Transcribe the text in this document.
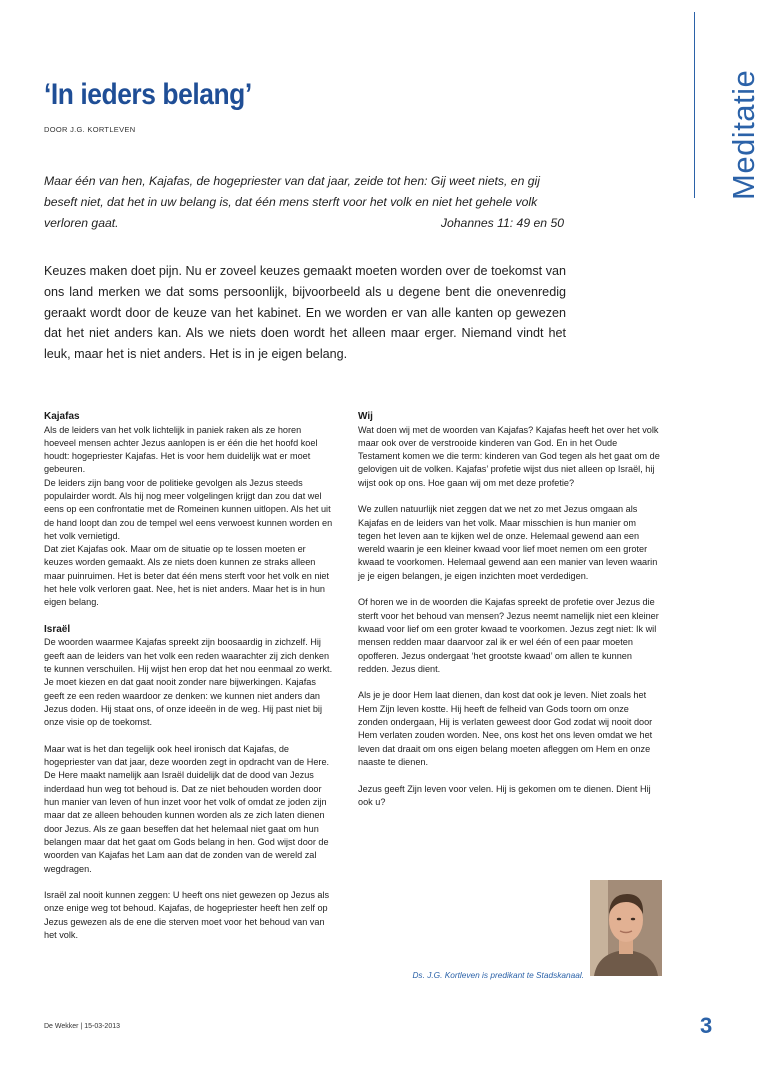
Meditatie
‘In ieders belang’
DOOR J.G. KORTLEVEN
Maar één van hen, Kajafas, de hogepriester van dat jaar, zeide tot hen: Gij weet niets, en gij beseft niet, dat het in uw belang is, dat één mens sterft voor het volk en niet het gehele volk verloren gaat.	Johannes 11: 49 en 50
Keuzes maken doet pijn. Nu er zoveel keuzes gemaakt moeten worden over de toekomst van ons land merken we dat soms persoonlijk, bijvoorbeeld als u degene bent die onevenredig geraakt wordt door de keuze van het kabinet. En we worden er van alle kanten op gewezen dat het niet anders kan. Als we niets doen wordt het alleen maar erger. Niemand vindt het leuk, maar het is niet anders. Het is in je eigen belang.
Kajafas

Als de leiders van het volk lichtelijk in paniek raken als ze horen hoeveel mensen achter Jezus aanlopen is er één die het hoofd koel houdt: hogepriester Kajafas. Het is voor hem duidelijk wat er moet gebeuren.

De leiders zijn bang voor de politieke gevolgen als Jezus steeds populairder wordt. Als hij nog meer volgelingen krijgt dan zou dat wel eens op een confrontatie met de Romeinen kunnen uitlopen. Als het uit de hand loopt dan zou de tempel wel eens verwoest kunnen worden en het volk vernietigd.

Dat ziet Kajafas ook. Maar om de situatie op te lossen moeten er keuzes worden gemaakt. Als ze niets doen kunnen ze straks alleen maar puinruimen. Het is beter dat één mens sterft voor het volk en niet het hele volk verloren gaat. Nee, het is niet anders. Maar het is in hun eigen belang.

Israël

De woorden waarmee Kajafas spreekt zijn boosaardig in zichzelf. Hij geeft aan de leiders van het volk een reden waarachter zij zich denken te kunnen verschuilen. Hij wijst hen erop dat het nou eenmaal zo werkt. Je moet kiezen en dat gaat nooit zonder nare bijwerkingen. Kajafas geeft ze een reden waardoor ze denken: we kunnen niet anders dan Jezus doden. Hij staat ons, of onze ideeën in de weg. Hij past niet bij onze visie op de toekomst.

Maar wat is het dan tegelijk ook heel ironisch dat Kajafas, de hogepriester van dat jaar, deze woorden zegt in opdracht van de Here. De Here maakt namelijk aan Israël duidelijk dat de dood van Jezus inderdaad hun weg tot behoud is. Dat ze niet behouden worden door hun manier van leven of hun inzet voor het volk of omdat ze joden zijn maar dat ze alleen behouden kunnen worden als ze zich laten dienen door Jezus. Als ze gaan beseffen dat het helemaal niet gaat om hun belangen maar dat het gaat om Gods belang in hen. God wijst door de woorden van Kajafas het Lam aan dat de zonden van de wereld zal wegdragen.

Israël zal nooit kunnen zeggen: U heeft ons niet gewezen op Jezus als onze enige weg tot behoud. Kajafas, de hogepriester heeft hen zelf op Jezus gewezen als de ene die sterven moet voor het behoud van van het volk.

Wij

Wat doen wij met de woorden van Kajafas? Kajafas heeft het over het volk maar ook over de verstrooide kinderen van God. En in het Oude Testament komen we die term: kinderen van God tegen als het gaat om de gelovigen uit de volken. Kajafas’ profetie wijst dus niet alleen op Israël, hij wijst ook op ons. Hoe gaan wij om met deze profetie?

We zullen natuurlijk niet zeggen dat we net zo met Jezus omgaan als Kajafas en de leiders van het volk. Maar misschien is hun manier om tegen het leven aan te kijken wel de onze. Helemaal gewend aan een wereld waarin je een kleiner kwaad voor lief moet nemen om een groter kwaad te voorkomen. Helemaal gewend aan een manier van leven waarin je je eigen belangen, je eigen inzichten moet verdedigen.

Of horen we in de woorden die Kajafas spreekt de profetie over Jezus die sterft voor het behoud van mensen? Jezus neemt namelijk niet een kleiner kwaad voor lief om een groter kwaad te voorkomen. Jezus zegt niet: Ik wil mensen redden maar daarvoor zal ik er wel één of een paar moeten opofferen. Jezus ondergaat ‘het grootste kwaad’ om allen te kunnen redden. Jezus dient.

Als je je door Hem laat dienen, dan kost dat ook je leven. Niet zoals het Hem Zijn leven kostte. Hij heeft de felheid van Gods toorn om onze zonden ondergaan, Hij is verlaten geweest door God zodat wij nooit door Hem verlaten zouden worden. Nee, ons kost het ons leven omdat we het leven dat draait om ons eigen belang moeten afleggen om Hem en onze naaste te dienen.

Jezus geeft Zijn leven voor velen. Hij is gekomen om te dienen. Dient Hij ook u?

Ds. J.G. Kortleven is predikant te Stadskanaal.
De Wekker | 15-03-2013	3
